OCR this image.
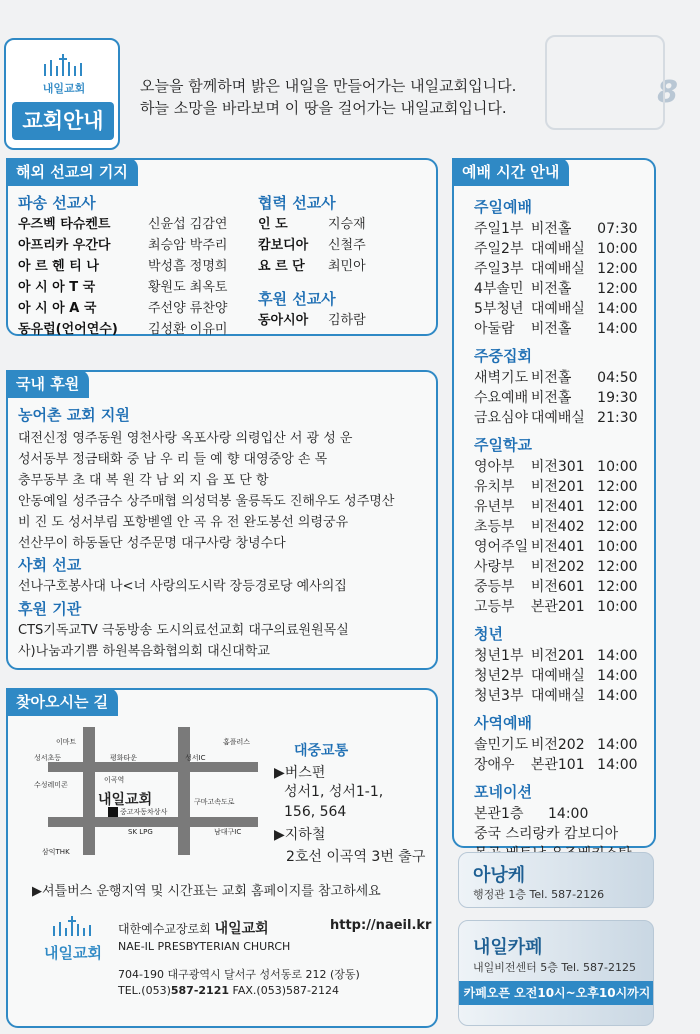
8
내일교회
교회안내
오늘을 함께하며 밝은 내일을 만들어가는 내일교회입니다.
하늘 소망을 바라보며 이 땅을 걸어가는 내일교회입니다.
해외 선교의 기지
파송 선교사
우즈벡 타슈켄트	신윤섭 김감연
아프리카 우간다	최승암 박주리
아 르 헨 티 나	박성흠 정명희
아 시 아 T 국	황원도 최옥토
아 시 아 A 국	주선양 류찬양
동유럽(언어연수) 김성환 이유미
협력 선교사
인 도	지승재
캄보디아 신철주
요 르 단 최민아
후원 선교사
동아시아 김하람
국내 후원
농어촌 교회 지원
대전신정 영주동원 영천사랑 옥포사랑 의령입산 서 광 성 운
성서동부 정금태화 중 남 우 리 들 예 향 대영중앙 손 목
충무동부 초 대 복 원 각 남 외 지 읍 포 단 항
안동예일 성주금수 상주매협 의성덕봉 울릉독도 진해우도 성주명산
비 진 도 성서부림 포항벧엘 안 곡 유 전 완도봉선 의령궁유
선산무이 하동돌단 성주문명 대구사랑 창녕수다
사회 선교
선나구호봉사대 나<너 사랑의도시락 장등경로당 예사의집
후원 기관
CTS기독교TV 극동방송 도시의료선교회 대구의료원원목실
사)나눔과기쁨 하원복음화협의회 대신대학교
찾아오시는 길
이마트
성서초등	평화타운	성서IC
홈플러스
수성레미콘
이곡역
내일교회
중고자동차상사
SK LPG
구마고속도로
남대구IC
삼익THK
대중교통
▶버스편
성서1, 성서1-1, 156, 564
▶지하철
2호선 이곡역 3번 출구
▶셔틀버스 운행지역 및 시간표는 교회 홈페이지를 참고하세요
내일교회
대한예수교장로회 내일교회	http://naeil.kr
NAE-IL PRESBYTERIAN CHURCH
704-190 대구광역시 달서구 성서동로 212 (장동)
TEL.(053)587-2121 FAX.(053)587-2124
예배 시간 안내
주일예배
주일1부 비전홀	07:30
주일2부 대예배실 10:00
주일3부 대예배실 12:00
4부솔민 비전홀	12:00
5부청년 대예배실 14:00
아둘람	비전홀	14:00
주중집회
새벽기도 비전홀	04:50
수요예배 비전홀	19:30
금요심야 대예배실 21:30
주일학교
영아부	비전301 10:00
유치부	비전201 12:00
유년부	비전401 12:00
초등부	비전402 12:00
영어주일 비전401 10:00
사랑부	비전202 12:00
중등부	비전601 12:00
고등부	본관201 10:00
청년
청년1부 비전201 14:00
청년2부 대예배실 14:00
청년3부 대예배실 14:00
사역예배
솔민기도 비전202 14:00
장애우	본관101 14:00
포네이션
본관1층	14:00
중국 스리랑카 캄보디아
아낭케
행정관 1층 Tel. 587-2126
내일카페
내일비전센터 5층 Tel. 587-2125
카페오픈 오전10시~오후10시까지
